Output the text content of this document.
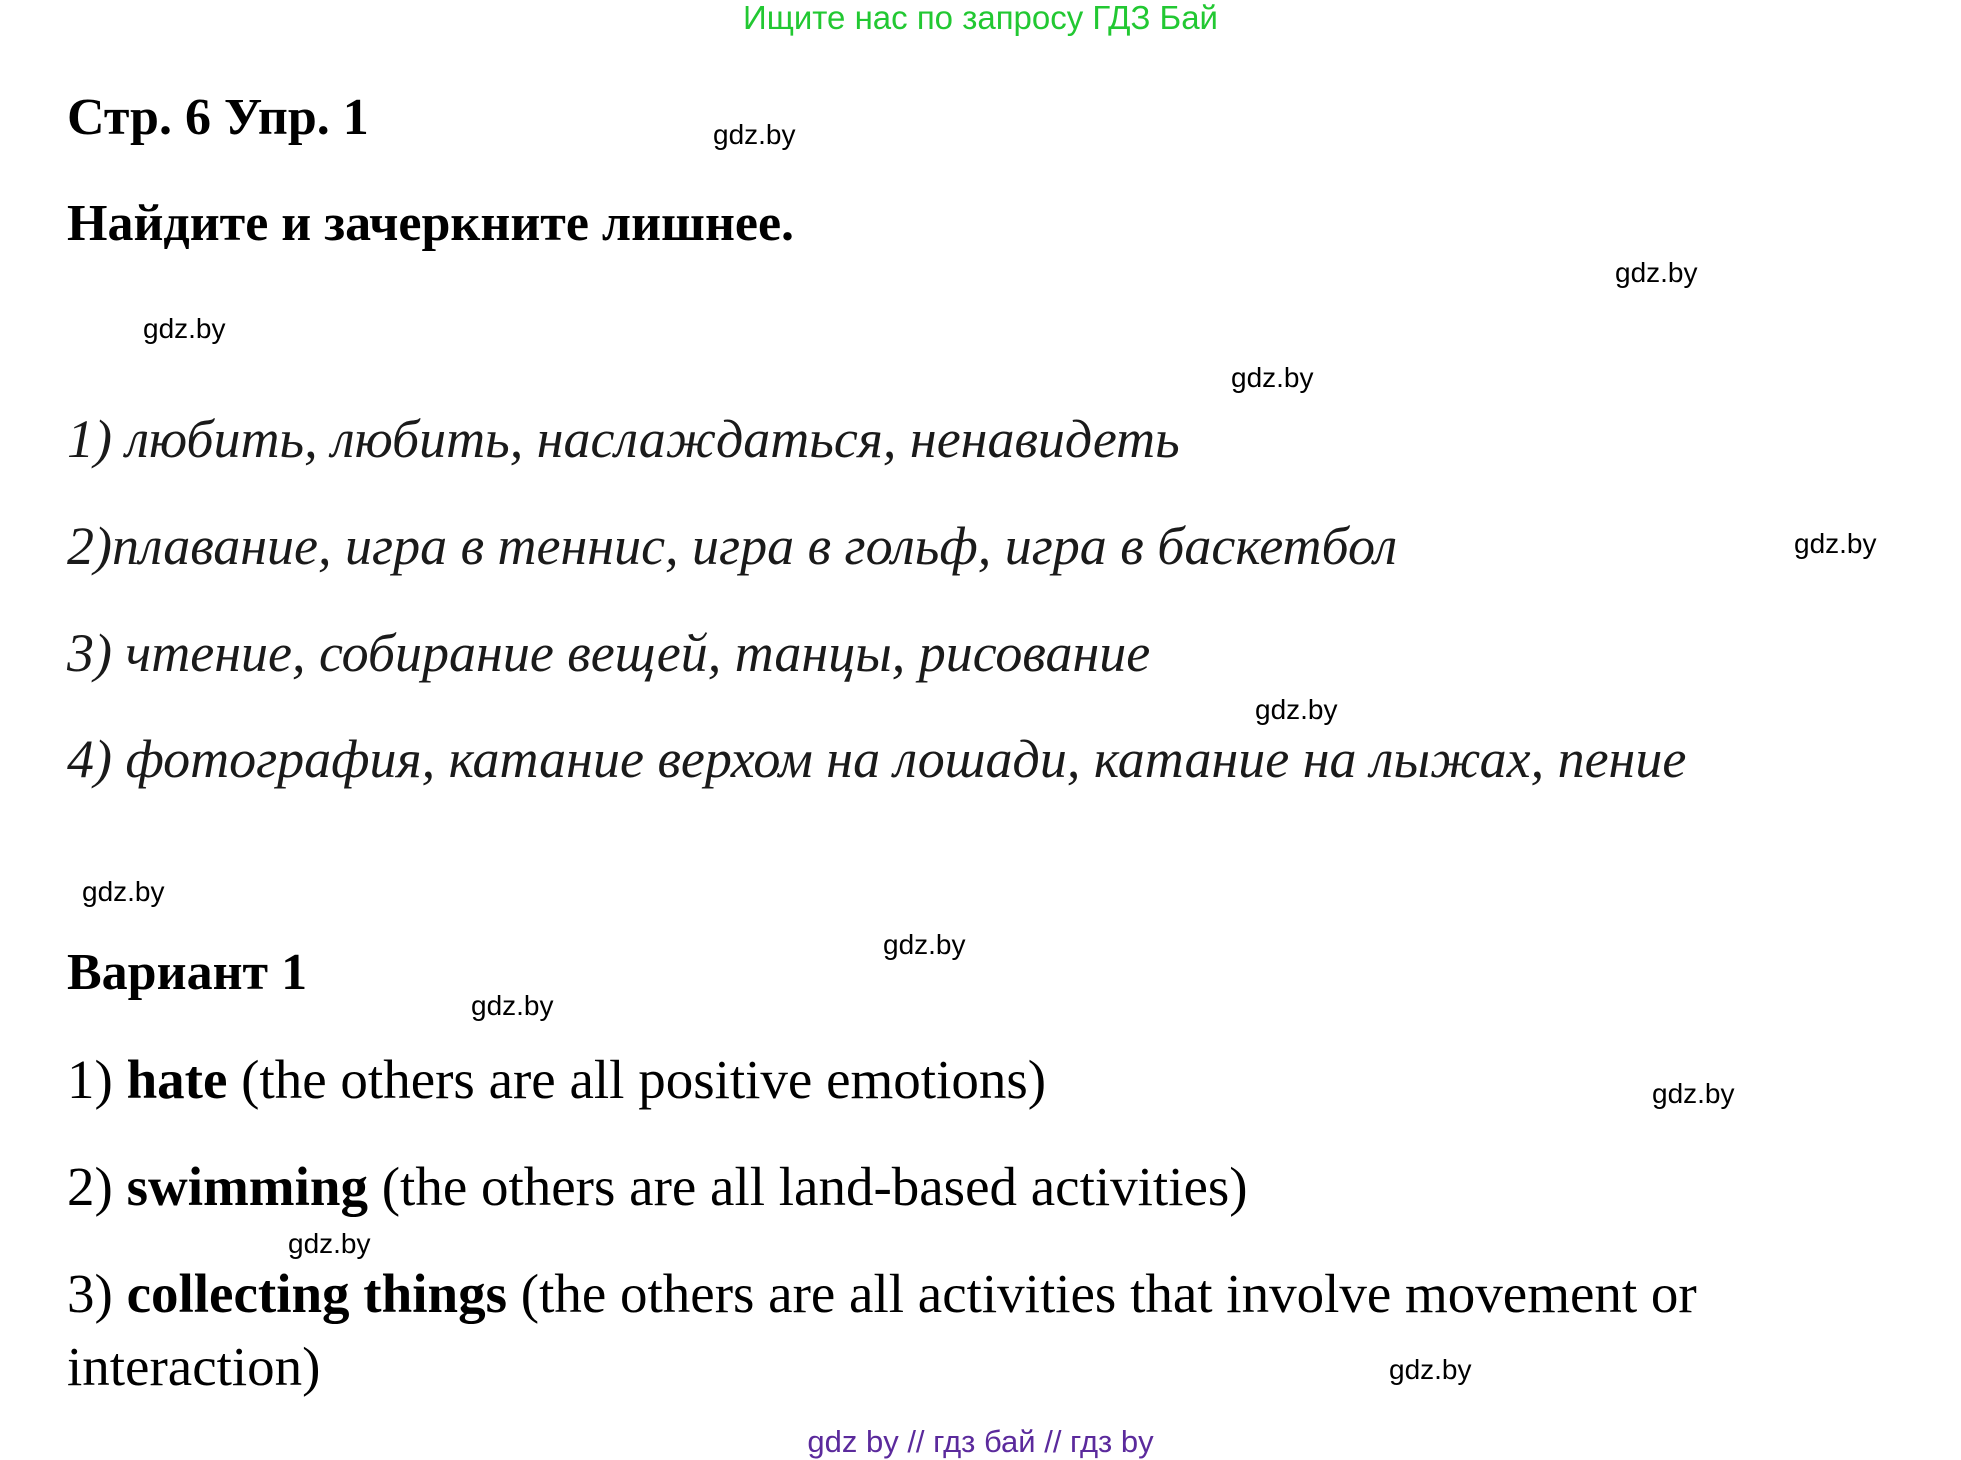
Ищите нас по запросу ГДЗ Бай
Стр. 6 Упр. 1
Найдите и зачеркните лишнее.
1) любить, любить, наслаждаться, ненавидеть
2)плавание, игра в теннис, игра в гольф, игра в баскетбол
3) чтение, собирание вещей, танцы, рисование
4) фотография, катание верхом на лошади, катание на лыжах, пение
Вариант 1
1) hate (the others are all positive emotions)
2) swimming (the others are all land-based activities)
3) collecting things (the others are all activities that involve movement or
interaction)
gdz.by
gdz.by
gdz.by
gdz.by
gdz.by
gdz.by
gdz.by
gdz.by
gdz.by
gdz.by
gdz.by
gdz.by
gdz by // гдз бай // гдз by
